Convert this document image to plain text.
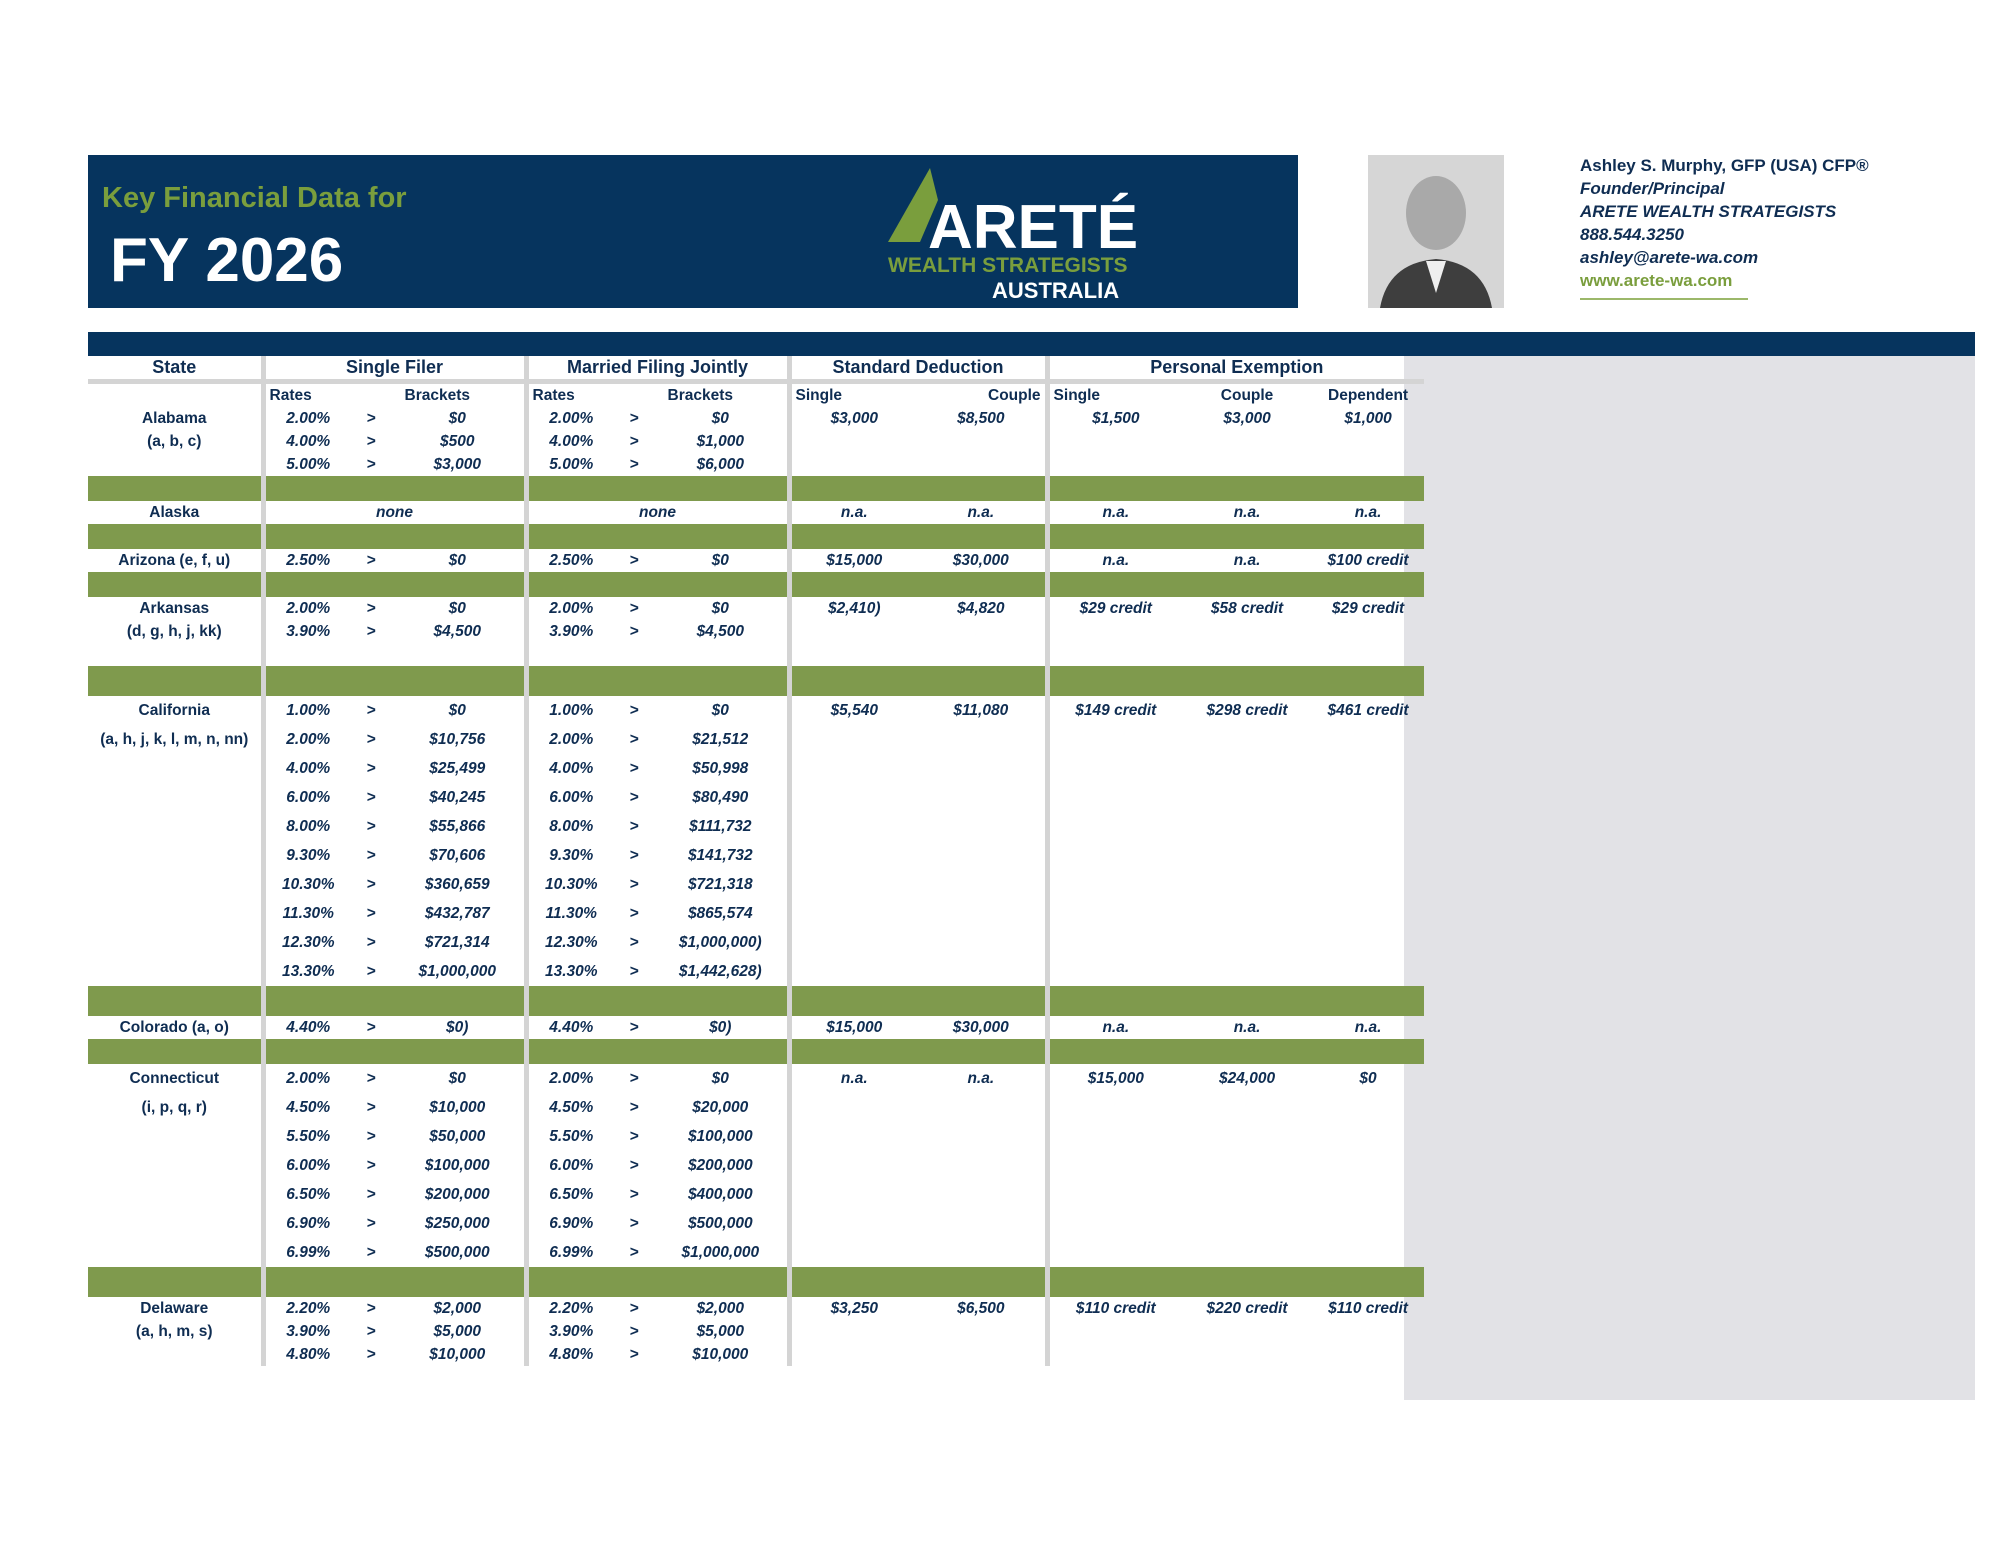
Key Financial Data for
FY 2026	ARETÉ
WEALTH STRATEGISTS
AUSTRALIA
Ashley S. Murphy, GFP (USA) CFP®
Founder/Principal
ARETE WEALTH STRATEGISTS
888.544.3250
ashley@arete-wa.com
www.arete-wa.com
State	Single Filer			Married Filing Jointly			Standard Deduction		Personal Exemption		
	Rates	Brackets		Rates	Brackets		Single	Couple	Single	Couple	Dependent
Alabama	2.00%	>	$0	2.00%	>	$0	$3,000	$8,500	$1,500	$3,000	$1,000
(a, b, c)	4.00%	>	$500	4.00%	>	$1,000					
	5.00%	>	$3,000	5.00%	>	$6,000					

Alaska	none			none			n.a.	n.a.	n.a.	n.a.	n.a.

Arizona (e, f, u)	2.50%	>	$0	2.50%	>	$0	$15,000	$30,000	n.a.	n.a.	$100 credit

Arkansas	2.00%	>	$0	2.00%	>	$0	$2,410)	$4,820	$29 credit	$58 credit	$29 credit
(d, g, h, j, kk)	3.90%	>	$4,500	3.90%	>	$4,500					

California	1.00%	>	$0	1.00%	>	$0	$5,540	$11,080	$149 credit	$298 credit	$461 credit
(a, h, j, k, l, m, n, nn)	2.00%	>	$10,756	2.00%	>	$21,512					
	4.00%	>	$25,499	4.00%	>	$50,998					
	6.00%	>	$40,245	6.00%	>	$80,490					
	8.00%	>	$55,866	8.00%	>	$111,732					
	9.30%	>	$70,606	9.30%	>	$141,732					
	10.30%	>	$360,659	10.30%	>	$721,318					
	11.30%	>	$432,787	11.30%	>	$865,574					
	12.30%	>	$721,314	12.30%	>	$1,000,000)					
	13.30%	>	$1,000,000	13.30%	>	$1,442,628)					

Colorado (a, o)	4.40%	>	$0)	4.40%	>	$0)	$15,000	$30,000	n.a.	n.a.	n.a.

Connecticut	2.00%	>	$0	2.00%	>	$0	n.a.	n.a.	$15,000	$24,000	$0
(i, p, q, r)	4.50%	>	$10,000	4.50%	>	$20,000					
	5.50%	>	$50,000	5.50%	>	$100,000					
	6.00%	>	$100,000	6.00%	>	$200,000					
	6.50%	>	$200,000	6.50%	>	$400,000					
	6.90%	>	$250,000	6.90%	>	$500,000					
	6.99%	>	$500,000	6.99%	>	$1,000,000					

Delaware	2.20%	>	$2,000	2.20%	>	$2,000	$3,250	$6,500	$110 credit	$220 credit	$110 credit
(a, h, m, s)	3.90%	>	$5,000	3.90%	>	$5,000					
	4.80%	>	$10,000	4.80%	>	$10,000					
